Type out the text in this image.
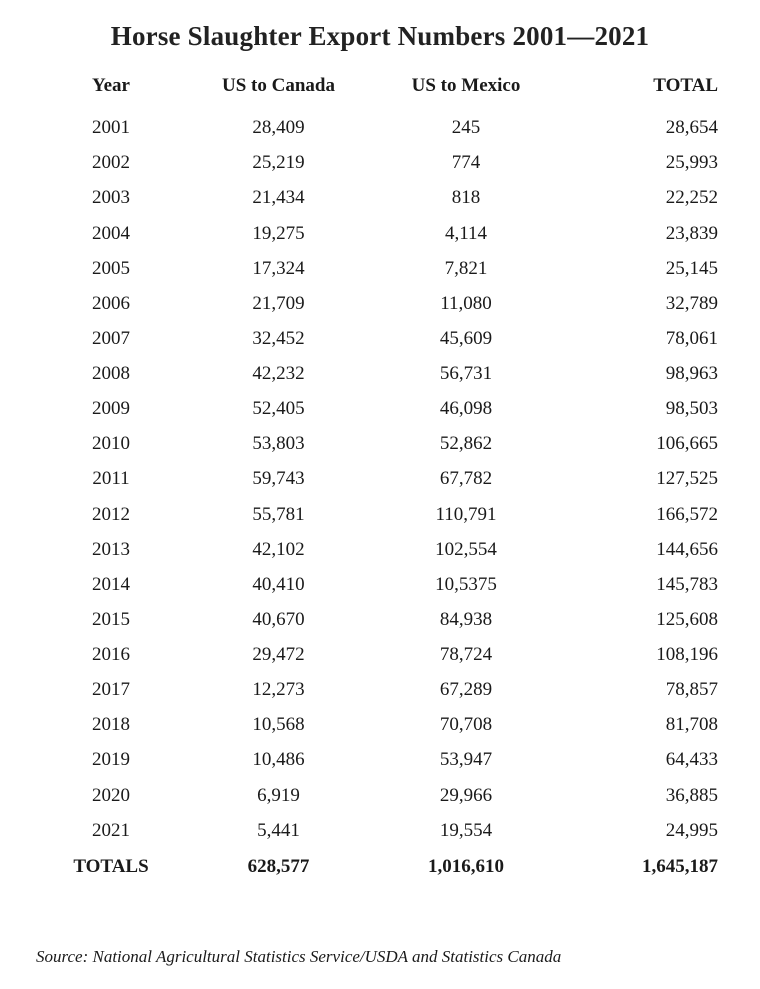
Horse Slaughter Export Numbers 2001—2021
Year	US to Canada	US to Mexico	TOTAL
2001	28,409	245	28,654
2002	25,219	774	25,993
2003	21,434	818	22,252
2004	19,275	4,114	23,839
2005	17,324	7,821	25,145
2006	21,709	11,080	32,789
2007	32,452	45,609	78,061
2008	42,232	56,731	98,963
2009	52,405	46,098	98,503
2010	53,803	52,862	106,665
2011	59,743	67,782	127,525
2012	55,781	110,791	166,572
2013	42,102	102,554	144,656
2014	40,410	10,5375	145,783
2015	40,670	84,938	125,608
2016	29,472	78,724	108,196
2017	12,273	67,289	78,857
2018	10,568	70,708	81,708
2019	10,486	53,947	64,433
2020	6,919	29,966	36,885
2021	5,441	19,554	24,995
TOTALS	628,577	1,016,610	1,645,187
Source: National Agricultural Statistics Service/USDA and Statistics Canada
